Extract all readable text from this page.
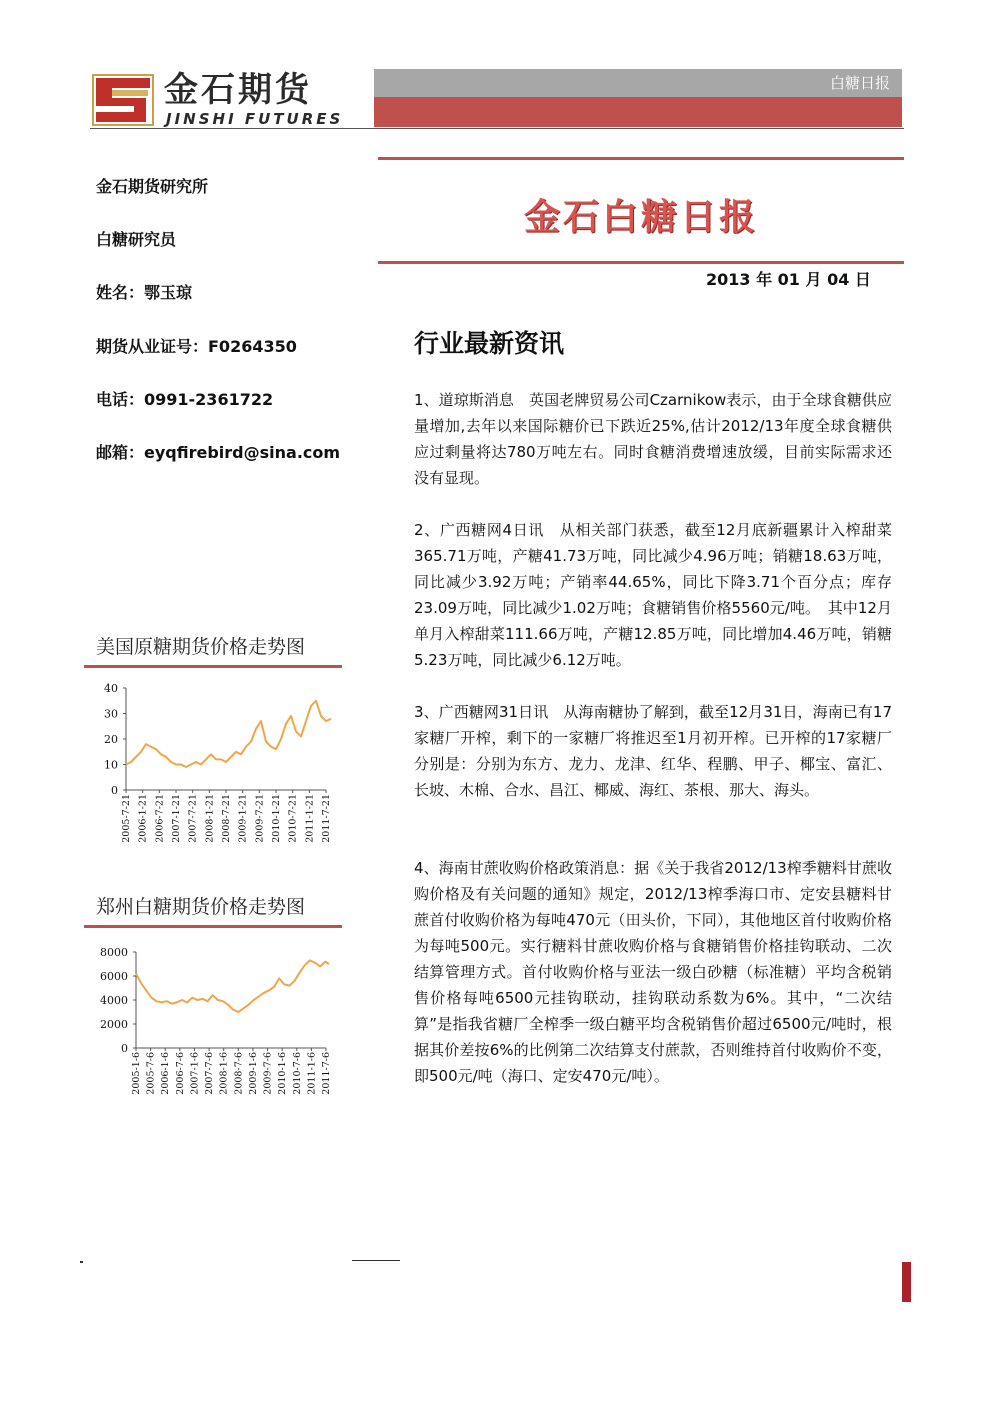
金石期货
JINSHI FUTURES
白糖日报
金石白糖日报
2013 年 01 月 04 日
金石期货研究所
白糖研究员
姓名：鄂玉琼
期货从业证号：F0264350
电话：0991-2361722
邮箱：eyqfirebird@sina.com
行业最新资讯
1、道琼斯消息　英国老牌贸易公司Czarnikow表示，由于全球食糖供应量增加,去年以来国际糖价已下跌近25%,估计2012/13年度全球食糖供应过剩量将达780万吨左右。同时食糖消费增速放缓，目前实际需求还没有显现。
2、广西糖网4日讯　从相关部门获悉，截至12月底新疆累计入榨甜菜365.71万吨，产糖41.73万吨，同比减少4.96万吨；销糖18.63万吨，同比减少3.92万吨；产销率44.65%，同比下降3.71个百分点；库存23.09万吨，同比减少1.02万吨；食糖销售价格5560元/吨。　其中12月单月入榨甜菜111.66万吨，产糖12.85万吨，同比增加4.46万吨，销糖5.23万吨，同比减少6.12万吨。
3、广西糖网31日讯　从海南糖协了解到，截至12月31日，海南已有17家糖厂开榨，剩下的一家糖厂将推迟至1月初开榨。已开榨的17家糖厂分别是：分别为东方、龙力、龙津、红华、程鹏、甲子、椰宝、富汇、长坡、木棉、合水、昌江、椰威、海红、茶根、那大、海头。
4、海南甘蔗收购价格政策消息：据《关于我省2012/13榨季糖料甘蔗收购价格及有关问题的通知》规定，2012/13榨季海口市、定安县糖料甘蔗首付收购价格为每吨470元（田头价，下同），其他地区首付收购价格为每吨500元。实行糖料甘蔗收购价格与食糖销售价格挂钩联动、二次结算管理方式。首付收购价格与亚法一级白砂糖（标准糖）平均含税销售价格每吨6500元挂钩联动，挂钩联动系数为6%。其中，“二次结算”是指我省糖厂全榨季一级白糖平均含税销售价超过6500元/吨时，根据其价差按6%的比例第二次结算支付蔗款，否则维持首付收购价不变，即500元/吨（海口、定安470元/吨）。
美国原糖期货价格走势图
0
10
20
30
40
2005-7-21 2006-1-21 2006-7-21 2007-1-21 2007-7-21 2008-1-21 2008-7-21 2009-1-21 2009-7-21 2010-1-21 2010-7-21 2011-1-21 2011-7-21
郑州白糖期货价格走势图
0
2000
4000
6000
8000
2005-1-6 2005-7-6 2006-1-6 2006-7-6 2007-1-6 2007-7-6 2008-1-6 2008-7-6 2009-1-6 2009-7-6 2010-1-6 2010-7-6 2011-1-6 2011-7-6
